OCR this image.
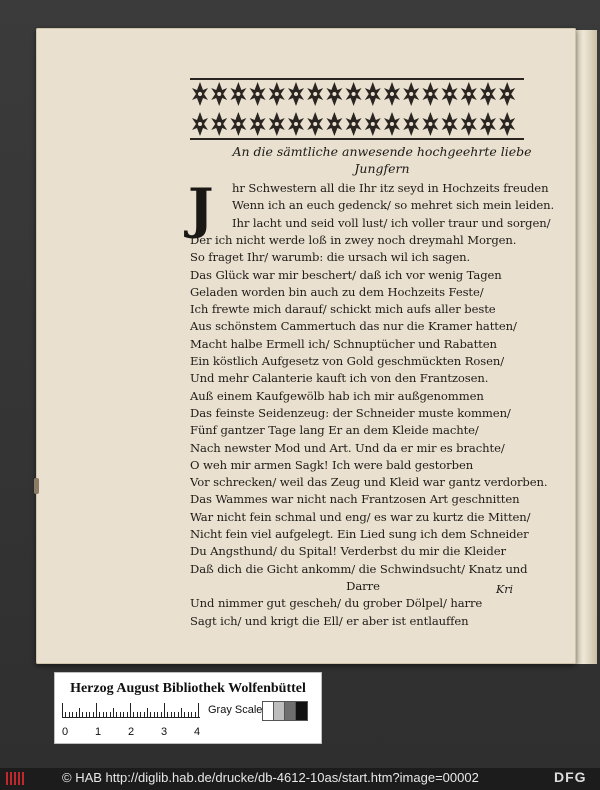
An die sämtliche anwesende hochgeehrte liebe Jungfern
J	hr Schwestern all die Ihr itz seyd in Hochzeits freuden
Wenn ich an euch gedenck/ so mehret sich mein leiden.
Ihr lacht und seid voll lust/ ich voller traur und sorgen/
Der ich nicht werde loß in zwey noch dreymahl Morgen.
So fraget Ihr/ warumb: die ursach wil ich sagen.
Das Glück war mir beschert/ daß ich vor wenig Tagen
Geladen worden bin auch zu dem Hochzeits Feste/
Ich frewte mich darauf/ schickt mich aufs aller beste
Aus schönstem Cammertuch das nur die Kramer hatten/
Macht halbe Ermell ich/ Schnuptücher und Rabatten
Ein köstlich Aufgesetz von Gold geschmückten Rosen/
Und mehr Calanterie kauft ich von den Frantzosen.
Auß einem Kaufgewölb hab ich mir außgenommen
Das feinste Seidenzeug: der Schneider muste kommen/
Fünf gantzer Tage lang Er an dem Kleide machte/
Nach newster Mod und Art. Und da er mir es brachte/
O weh mir armen Sagk! Ich were bald gestorben
Vor schrecken/ weil das Zeug und Kleid war gantz verdorben.
Das Wammes war nicht nach Frantzosen Art geschnitten
War nicht fein schmal und eng/ es war zu kurtz die Mitten/
Nicht fein viel aufgelegt. Ein Lied sung ich dem Schneider
Du Angsthund/ du Spital! Verderbst du mir die Kleider
Daß dich die Gicht ankomm/ die Schwindsucht/ Knatz und
Darre
Und nimmer gut gescheh/ du grober Dölpel/ harre
Sagt ich/ und krigt die Ell/ er aber ist entlauffen
Kri
Herzog August Bibliothek Wolfenbüttel
0 1 2 3 4
Gray Scale
© HAB http://diglib.hab.de/drucke/db-4612-10as/start.htm?image=00002	DFG
